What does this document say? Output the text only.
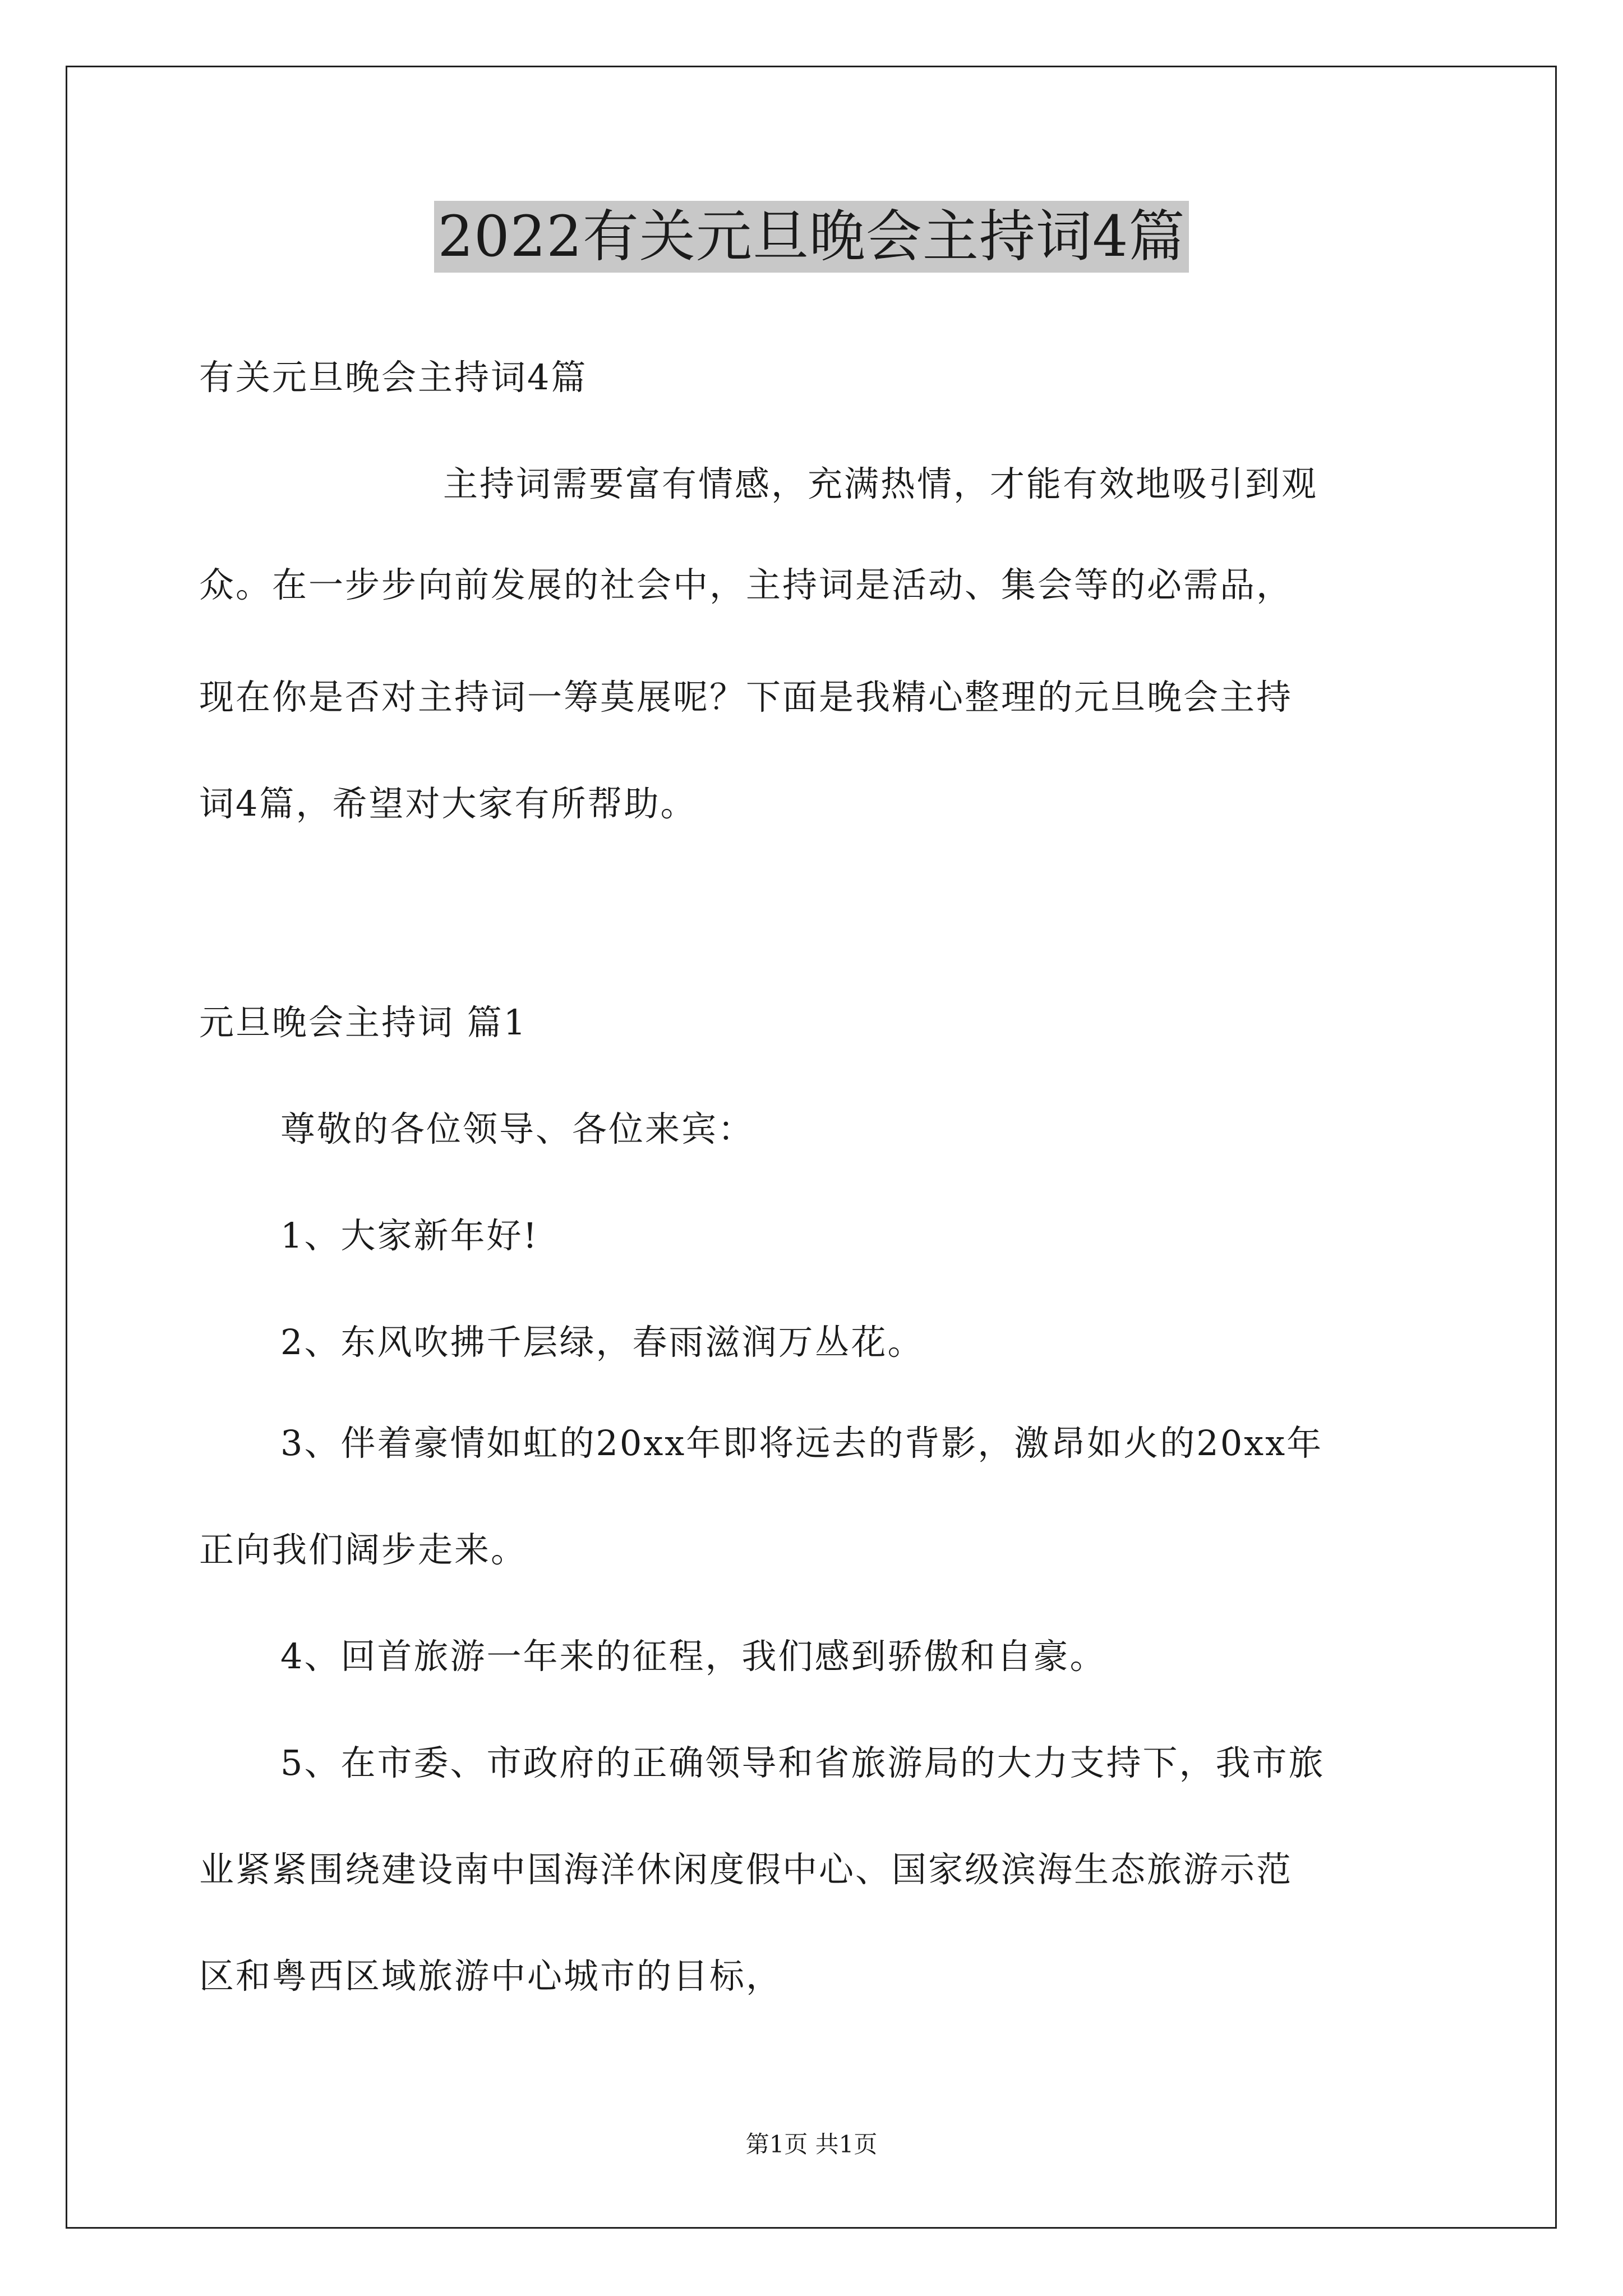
2022有关元旦晚会主持词4篇
有关元旦晚会主持词4篇
主持词需要富有情感，充满热情，才能有效地吸引到观
众。在一步步向前发展的社会中，主持词是活动、集会等的必需品，
现在你是否对主持词一筹莫展呢？下面是我精心整理的元旦晚会主持
词4篇，希望对大家有所帮助。
元旦晚会主持词 篇1
尊敬的各位领导、各位来宾：
1、大家新年好!
2、东风吹拂千层绿，春雨滋润万丛花。
3、伴着豪情如虹的20xx年即将远去的背影，激昂如火的20xx年
正向我们阔步走来。
4、回首旅游一年来的征程，我们感到骄傲和自豪。
5、在市委、市政府的正确领导和省旅游局的大力支持下，我市旅
业紧紧围绕建设南中国海洋休闲度假中心、国家级滨海生态旅游示范
区和粤西区域旅游中心城市的目标，
第1页 共1页
